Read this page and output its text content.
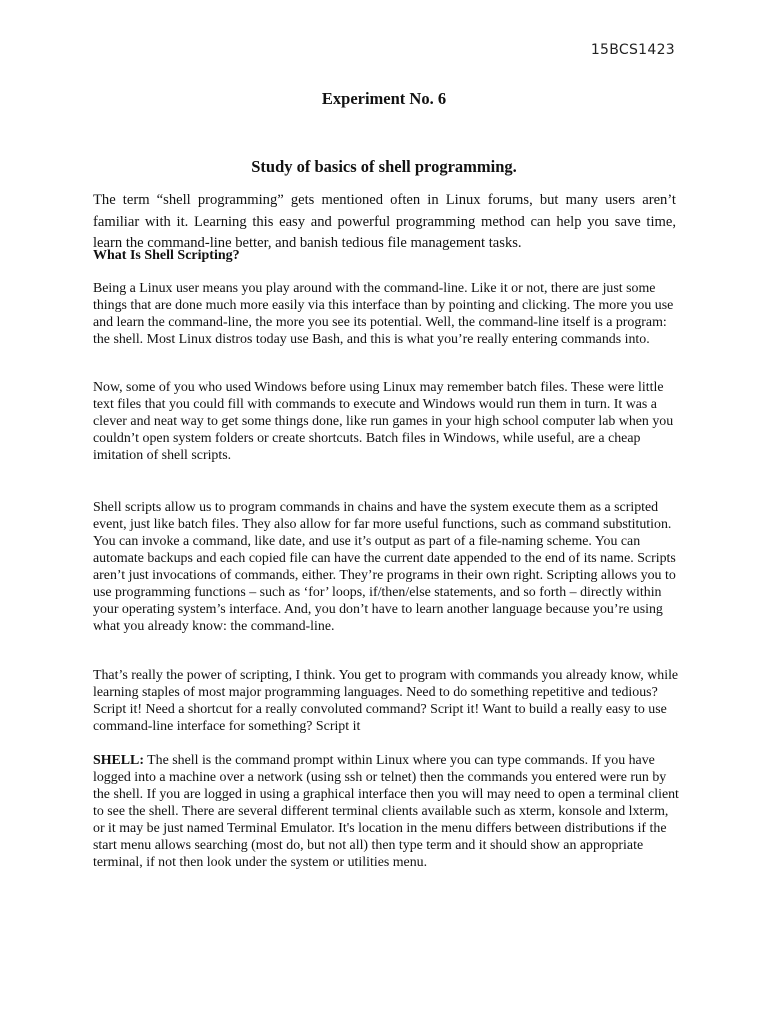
15BCS1423
Experiment No. 6
Study of basics of shell programming.
The term “shell programming” gets mentioned often in Linux forums, but many users aren’t familiar with it. Learning this easy and powerful programming method can help you save time, learn the command-line better, and banish tedious file management tasks.
What Is Shell Scripting?
Being a Linux user means you play around with the command-line. Like it or not, there are just some things that are done much more easily via this interface than by pointing and clicking. The more you use and learn the command-line, the more you see its potential. Well, the command-line itself is a program: the shell. Most Linux distros today use Bash, and this is what you’re really entering commands into.
Now, some of you who used Windows before using Linux may remember batch files. These were little text files that you could fill with commands to execute and Windows would run them in turn. It was a clever and neat way to get some things done, like run games in your high school computer lab when you couldn’t open system folders or create shortcuts. Batch files in Windows, while useful, are a cheap imitation of shell scripts.
Shell scripts allow us to program commands in chains and have the system execute them as a scripted event, just like batch files. They also allow for far more useful functions, such as command substitution. You can invoke a command, like date, and use it’s output as part of a file-naming scheme. You can automate backups and each copied file can have the current date appended to the end of its name. Scripts aren’t just invocations of commands, either. They’re programs in their own right. Scripting allows you to use programming functions – such as ‘for’ loops, if/then/else statements, and so forth – directly within your operating system’s interface. And, you don’t have to learn another language because you’re using what you already know: the command-line.
That’s really the power of scripting, I think. You get to program with commands you already know, while learning staples of most major programming languages. Need to do something repetitive and tedious? Script it! Need a shortcut for a really convoluted command? Script it! Want to build a really easy to use command-line interface for something? Script it
SHELL: The shell is the command prompt within Linux where you can type commands. If you have logged into a machine over a network (using ssh or telnet) then the commands you entered were run by the shell. If you are logged in using a graphical interface then you will may need to open a terminal client to see the shell. There are several different terminal clients available such as xterm, konsole and lxterm, or it may be just named Terminal Emulator. It's location in the menu differs between distributions if the start menu allows searching (most do, but not all) then type term and it should show an appropriate terminal, if not then look under the system or utilities menu.
